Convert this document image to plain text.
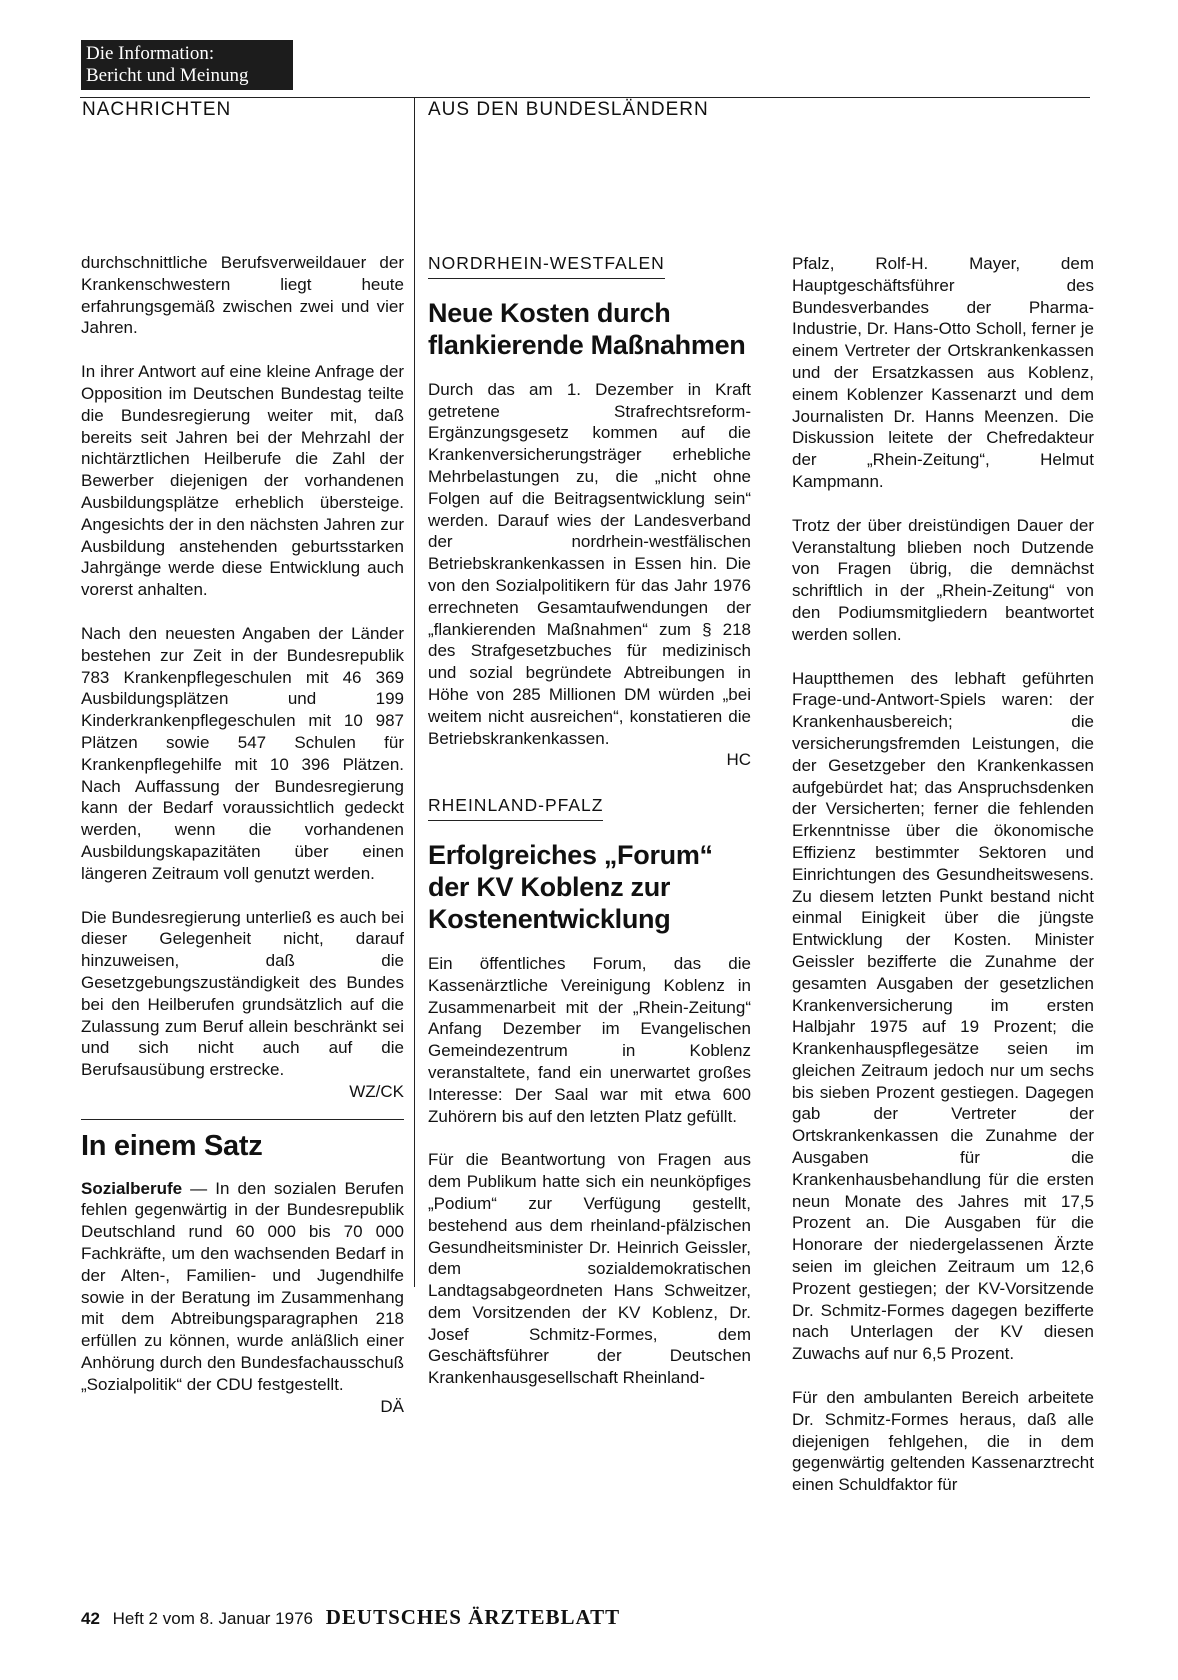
Die Information:
Bericht und Meinung
NACHRICHTEN	AUS DEN BUNDESLÄNDERN

durchschnittliche Berufsverweildauer der Krankenschwestern liegt heute erfahrungsgemäß zwischen zwei und vier Jahren.

In ihrer Antwort auf eine kleine Anfrage der Opposition im Deutschen Bundestag teilte die Bundesregierung weiter mit, daß bereits seit Jahren bei der Mehrzahl der nichtärztlichen Heilberufe die Zahl der Bewerber diejenigen der vorhandenen Ausbildungsplätze erheblich übersteige. Angesichts der in den nächsten Jahren zur Ausbildung anstehenden geburtsstarken Jahrgänge werde diese Entwicklung auch vorerst anhalten.

Nach den neuesten Angaben der Länder bestehen zur Zeit in der Bundesrepublik 783 Krankenpflegeschulen mit 46 369 Ausbildungsplätzen und 199 Kinderkrankenpflegeschulen mit 10 987 Plätzen sowie 547 Schulen für Krankenpflegehilfe mit 10 396 Plätzen. Nach Auffassung der Bundesregierung kann der Bedarf voraussichtlich gedeckt werden, wenn die vorhandenen Ausbildungskapazitäten über einen längeren Zeitraum voll genutzt werden.

Die Bundesregierung unterließ es auch bei dieser Gelegenheit nicht, darauf hinzuweisen, daß die Gesetzgebungszuständigkeit des Bundes bei den Heilberufen grundsätzlich auf die Zulassung zum Beruf allein beschränkt sei und sich nicht auch auf die Berufsausübung erstrecke.

WZ/CK
In einem Satz

Sozialberufe — In den sozialen Berufen fehlen gegenwärtig in der Bundesrepublik Deutschland rund 60 000 bis 70 000 Fachkräfte, um den wachsenden Bedarf in der Alten-, Familien- und Jugendhilfe sowie in der Beratung im Zusammenhang mit dem Abtreibungsparagraphen 218 erfüllen zu können, wurde anläßlich einer Anhörung durch den Bundesfachausschuß „Sozialpolitik“ der CDU festgestellt.

DÄ
NORDRHEIN-WESTFALEN
Neue Kosten durch flankierende Maßnahmen

Durch das am 1. Dezember in Kraft getretene Strafrechtsreform-Ergänzungsgesetz kommen auf die Krankenversicherungsträger erhebliche Mehrbelastungen zu, die „nicht ohne Folgen auf die Beitragsentwicklung sein“ werden. Darauf wies der Landesverband der nordrhein-westfälischen Betriebskrankenkassen in Essen hin. Die von den Sozialpolitikern für das Jahr 1976 errechneten Gesamtaufwendungen der „flankierenden Maßnahmen“ zum § 218 des Strafgesetzbuches für medizinisch und sozial begründete Abtreibungen in Höhe von 285 Millionen DM würden „bei weitem nicht ausreichen“, konstatieren die Betriebskrankenkassen.

HC
RHEINLAND-PFALZ
Erfolgreiches „Forum“ der KV Koblenz zur Kostenentwicklung

Ein öffentliches Forum, das die Kassenärztliche Vereinigung Koblenz in Zusammenarbeit mit der „Rhein-Zeitung“ Anfang Dezember im Evangelischen Gemeindezentrum in Koblenz veranstaltete, fand ein unerwartet großes Interesse: Der Saal war mit etwa 600 Zuhörern bis auf den letzten Platz gefüllt.

Für die Beantwortung von Fragen aus dem Publikum hatte sich ein neunköpfiges „Podium“ zur Verfügung gestellt, bestehend aus dem rheinland-pfälzischen Gesundheitsminister Dr. Heinrich Geissler, dem sozialdemokratischen Landtagsabgeordneten Hans Schweitzer, dem Vorsitzenden der KV Koblenz, Dr. Josef Schmitz-Formes, dem Geschäftsführer der Deutschen Krankenhausgesellschaft Rheinland-

Pfalz, Rolf-H. Mayer, dem Hauptgeschäftsführer des Bundesverbandes der Pharma-Industrie, Dr. Hans-Otto Scholl, ferner je einem Vertreter der Ortskrankenkassen und der Ersatzkassen aus Koblenz, einem Koblenzer Kassenarzt und dem Journalisten Dr. Hanns Meenzen. Die Diskussion leitete der Chefredakteur der „Rhein-Zeitung“, Helmut Kampmann.

Trotz der über dreistündigen Dauer der Veranstaltung blieben noch Dutzende von Fragen übrig, die demnächst schriftlich in der „Rhein-Zeitung“ von den Podiumsmitgliedern beantwortet werden sollen.

Hauptthemen des lebhaft geführten Frage-und-Antwort-Spiels waren: der Krankenhausbereich; die versicherungsfremden Leistungen, die der Gesetzgeber den Krankenkassen aufgebürdet hat; das Anspruchsdenken der Versicherten; ferner die fehlenden Erkenntnisse über die ökonomische Effizienz bestimmter Sektoren und Einrichtungen des Gesundheitswesens. Zu diesem letzten Punkt bestand nicht einmal Einigkeit über die jüngste Entwicklung der Kosten. Minister Geissler bezifferte die Zunahme der gesamten Ausgaben der gesetzlichen Krankenversicherung im ersten Halbjahr 1975 auf 19 Prozent; die Krankenhauspflegesätze seien im gleichen Zeitraum jedoch nur um sechs bis sieben Prozent gestiegen. Dagegen gab der Vertreter der Ortskrankenkassen die Zunahme der Ausgaben für die Krankenhausbehandlung für die ersten neun Monate des Jahres mit 17,5 Prozent an. Die Ausgaben für die Honorare der niedergelassenen Ärzte seien im gleichen Zeitraum um 12,6 Prozent gestiegen; der KV-Vorsitzende Dr. Schmitz-Formes dagegen bezifferte nach Unterlagen der KV diesen Zuwachs auf nur 6,5 Prozent.

Für den ambulanten Bereich arbeitete Dr. Schmitz-Formes heraus, daß alle diejenigen fehlgehen, die in dem gegenwärtig geltenden Kassenarztrecht einen Schuldfaktor für

42 Heft 2 vom 8. Januar 1976 DEUTSCHES ÄRZTEBLATT
